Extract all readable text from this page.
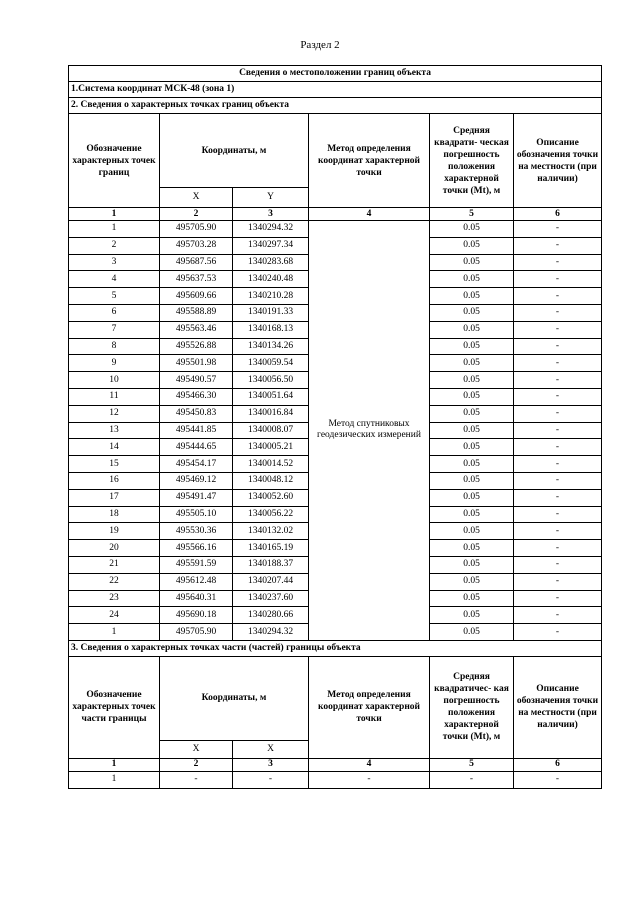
Раздел 2
Сведения о местоположении границ объекта					
1.Система координат МСК-48 (зона 1)					
2. Сведения о характерных точках границ объекта					
Обозначение характерных точек границ	Координаты, м		Метод определения координат характерной точки	Средняя квадрати- ческая погрешность положения характерной точки (Mt), м	Описание обозначения точки на местности (при наличии)
	X	Y			
1	2	3	4	5	6
1	495705.90	1340294.32	Метод спутниковых геодезических измерений	0.05	-
2	495703.28	1340297.34		0.05	-
3	495687.56	1340283.68		0.05	-
4	495637.53	1340240.48		0.05	-
5	495609.66	1340210.28		0.05	-
6	495588.89	1340191.33		0.05	-
7	495563.46	1340168.13		0.05	-
8	495526.88	1340134.26		0.05	-
9	495501.98	1340059.54		0.05	-
10	495490.57	1340056.50		0.05	-
11	495466.30	1340051.64		0.05	-
12	495450.83	1340016.84		0.05	-
13	495441.85	1340008.07		0.05	-
14	495444.65	1340005.21		0.05	-
15	495454.17	1340014.52		0.05	-
16	495469.12	1340048.12		0.05	-
17	495491.47	1340052.60		0.05	-
18	495505.10	1340056.22		0.05	-
19	495530.36	1340132.02		0.05	-
20	495566.16	1340165.19		0.05	-
21	495591.59	1340188.37		0.05	-
22	495612.48	1340207.44		0.05	-
23	495640.31	1340237.60		0.05	-
24	495690.18	1340280.66		0.05	-
1	495705.90	1340294.32		0.05	-
3. Сведения о характерных точках части (частей) границы объекта					
Обозначение характерных точек части границы	Координаты, м		Метод определения координат характерной точки	Средняя квадратичес- кая погрешность положения характерной точки (Mt), м	Описание обозначения точки на местности (при наличии)
	X	X			
1	2	3	4	5	6
1	-	-	-	-	-
